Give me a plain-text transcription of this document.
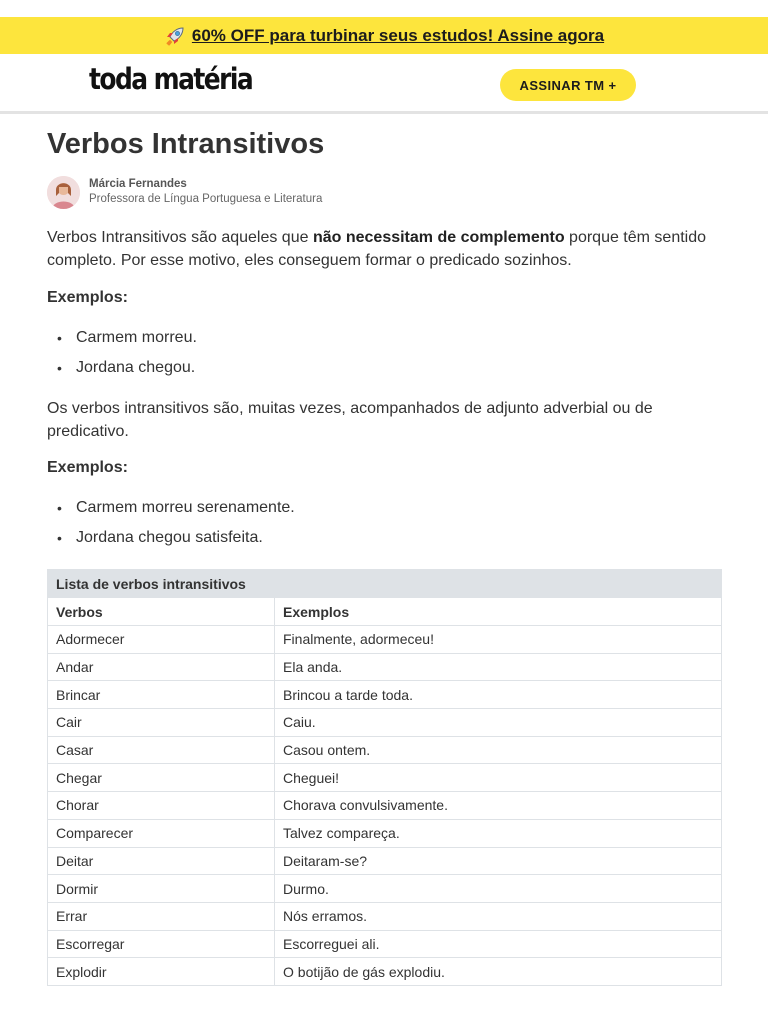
60% OFF para turbinar seus estudos! Assine agora
toda matéria	ASSINAR TM +
Verbos Intransitivos
Márcia Fernandes
Professora de Língua Portuguesa e Literatura

Verbos Intransitivos são aqueles que não necessitam de complemento porque têm sentido completo. Por esse motivo, eles conseguem formar o predicado sozinhos.

Exemplos:
• Carmem morreu.
• Jordana chegou.

Os verbos intransitivos são, muitas vezes, acompanhados de adjunto adverbial ou de predicativo.

Exemplos:
• Carmem morreu serenamente.
• Jordana chegou satisfeita.
Lista de verbos intransitivos	
Verbos	Exemplos
Adormecer	Finalmente, adormeceu!
Andar	Ela anda.
Brincar	Brincou a tarde toda.
Cair	Caiu.
Casar	Casou ontem.
Chegar	Cheguei!
Chorar	Chorava convulsivamente.
Comparecer	Talvez compareça.
Deitar	Deitaram-se?
Dormir	Durmo.
Errar	Nós erramos.
Escorregar	Escorreguei ali.
Explodir	O botijão de gás explodiu.
